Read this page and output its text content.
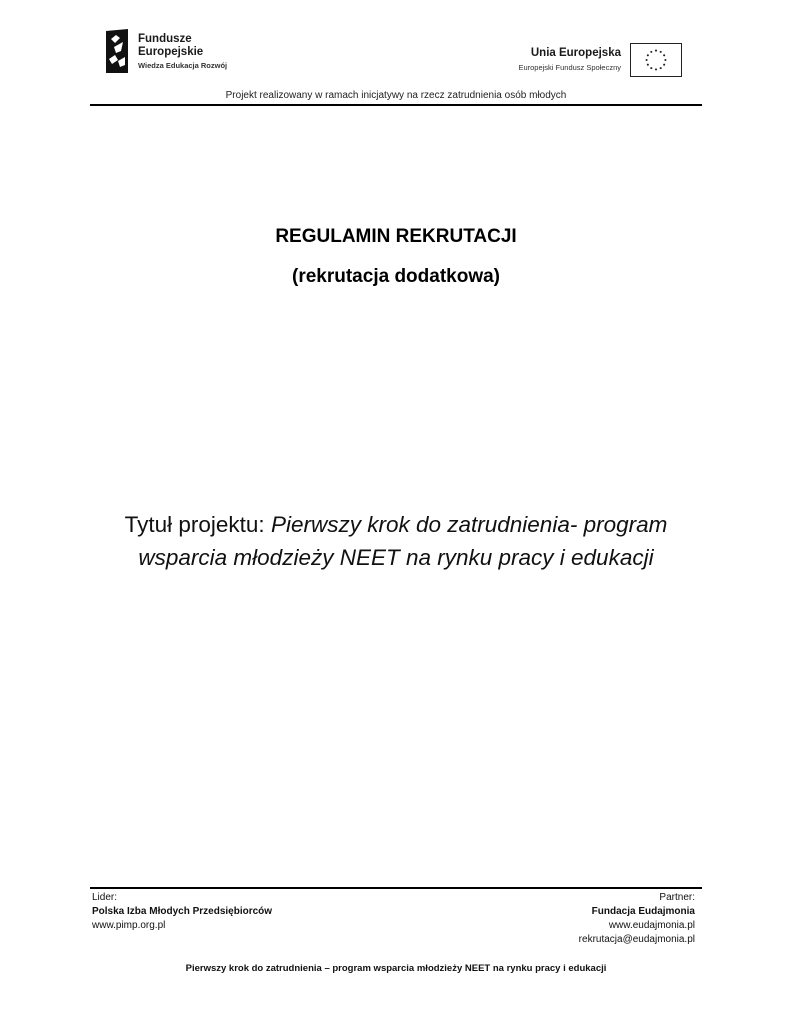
Fundusze
Europejskie
Wiedza Edukacja Rozwój
Unia Europejska
Europejski Fundusz Społeczny
Projekt realizowany w ramach inicjatywy na rzecz zatrudnienia osób młodych
REGULAMIN REKRUTACJI
(rekrutacja dodatkowa)
Tytuł projektu: Pierwszy krok do zatrudnienia- program
wsparcia młodzieży NEET na rynku pracy i edukacji
Lider:
Polska Izba Młodych Przedsiębiorców
www.pimp.org.pl
Partner:
Fundacja Eudajmonia
www.eudajmonia.pl
rekrutacja@eudajmonia.pl
Pierwszy krok do zatrudnienia – program wsparcia młodzieży NEET na rynku pracy i edukacji
